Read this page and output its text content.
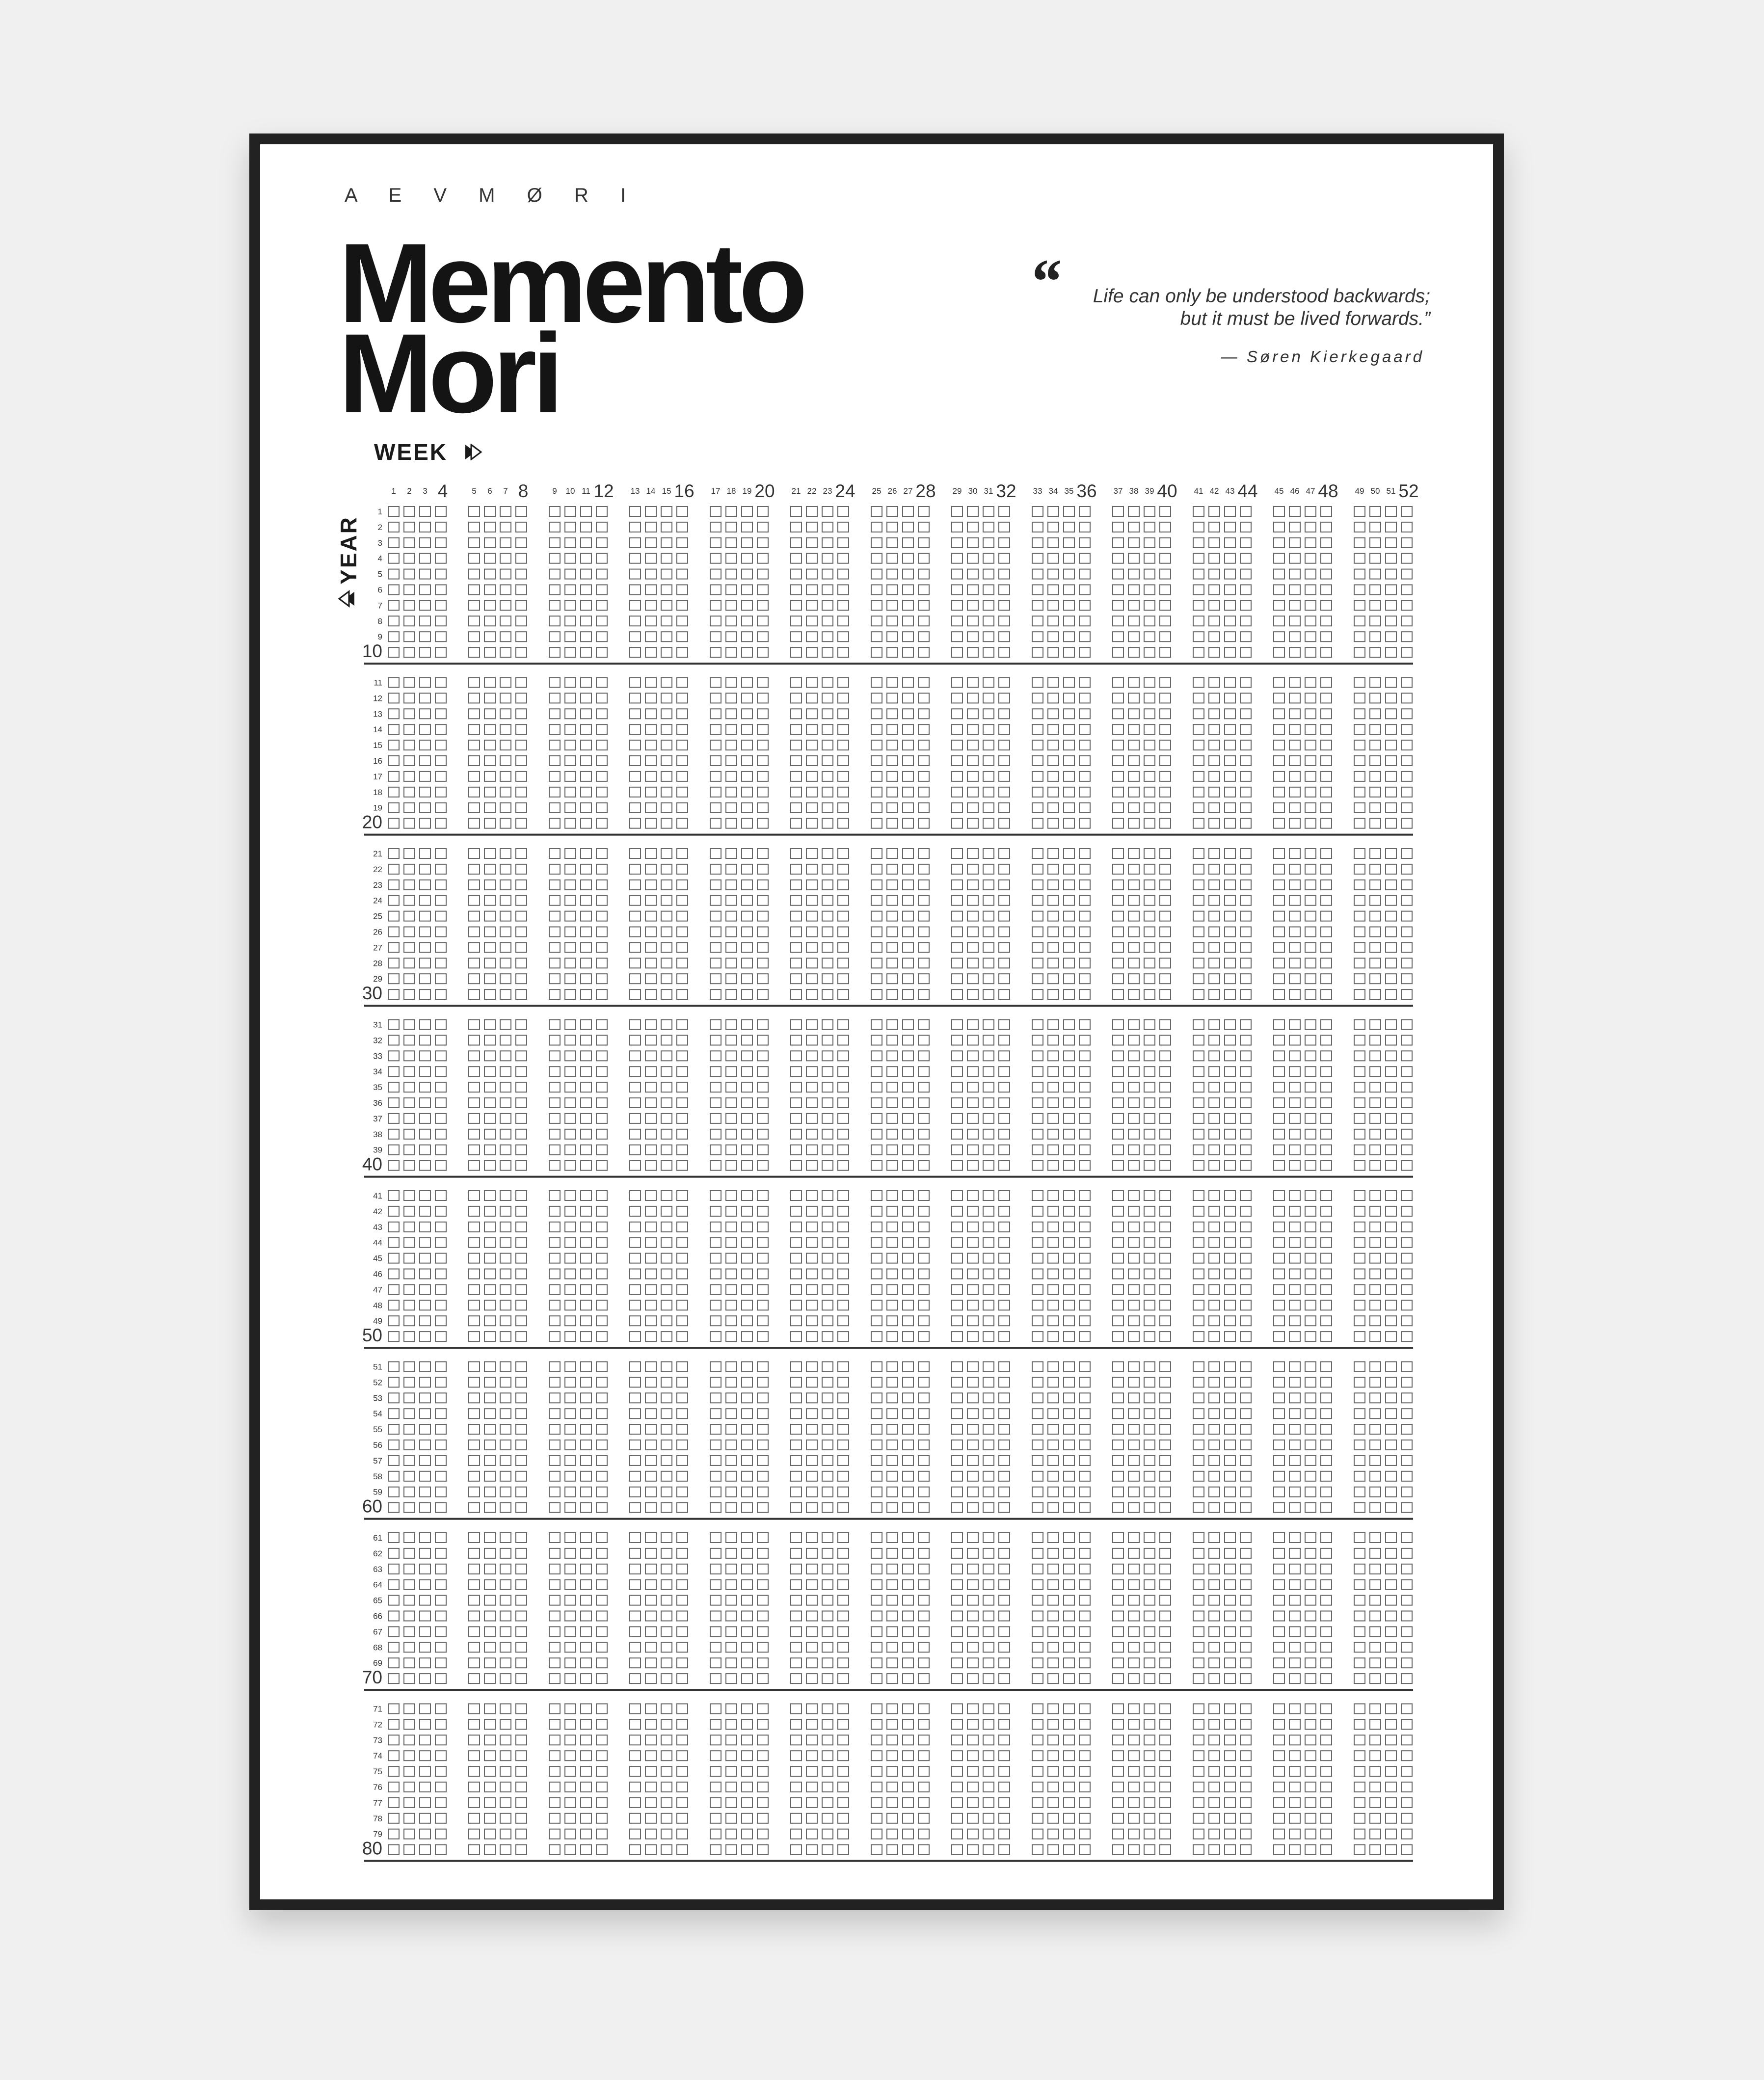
A E V M Ø R I
Memento
Mori
“ Life can only be understood backwards;
but it must be lived forwards.”
— Søren Kierkegaard
WEEK
YEAR
1 2 3 4	5 6 7 8	9 10 11 12 13 14 15 16 17 18 19 20 21 22 23 24 25 26 27 28 29 30 31 32 33 34 35 36 37 38 39 40 41 42 43 44 45 46 47 48 49 50 51 52
1
2
3
4
5
6
7
8
9
10
11
12
13
14
15
16
17
18
19
20
21
22
23
24
25
26
27
28
29
30
31
32
33
34
35
36
37
38
39
40
41
42
43
44
45
46
47
48
49
50
51
52
53
54
55
56
57
58
59
60
61
62
63
64
65
66
67
68
69
70
71
72
73
74
75
76
77
78
79
80
